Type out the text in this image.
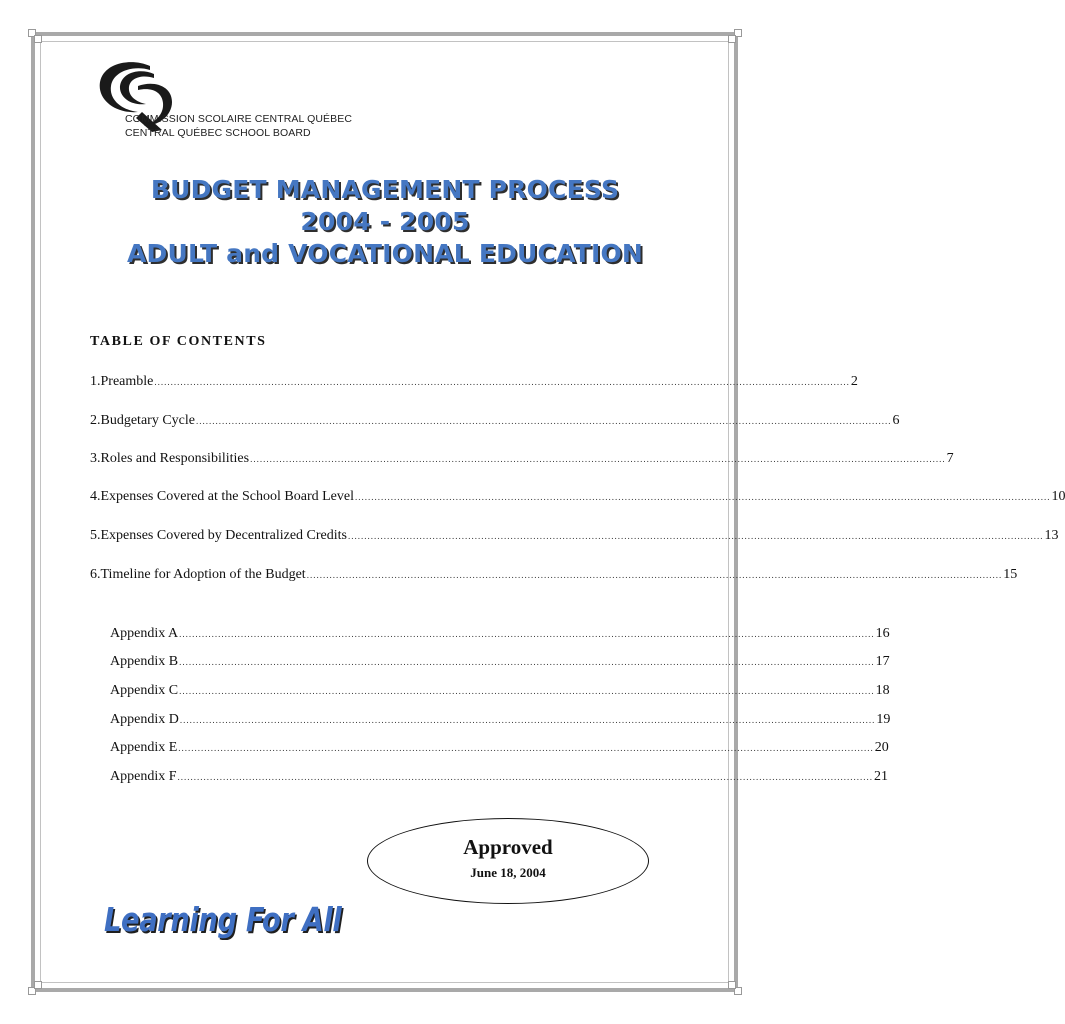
COMMISSION SCOLAIRE CENTRAL QUÉBEC
CENTRAL QUÉBEC SCHOOL BOARD
BUDGET MANAGEMENT PROCESS
2004 - 2005
ADULT and VOCATIONAL EDUCATION
TABLE OF CONTENTS
1. Preamble ...................................................................................................................................................................................................................... 2
2. Budgetary Cycle ...................................................................................................................................................................................................................... 6
3. Roles and Responsibilities ...................................................................................................................................................................................................................... 7
4. Expenses Covered at the School Board Level ...................................................................................................................................................................................................................... 10
5. Expenses Covered by Decentralized Credits ...................................................................................................................................................................................................................... 13
6. Timeline for Adoption of the Budget ...................................................................................................................................................................................................................... 15
Appendix A ...................................................................................................................................................................................................................... 16
Appendix B ...................................................................................................................................................................................................................... 17
Appendix C ...................................................................................................................................................................................................................... 18
Appendix D ...................................................................................................................................................................................................................... 19
Appendix E ...................................................................................................................................................................................................................... 20
Appendix F ...................................................................................................................................................................................................................... 21
Approved
June 18, 2004
Learning For All
